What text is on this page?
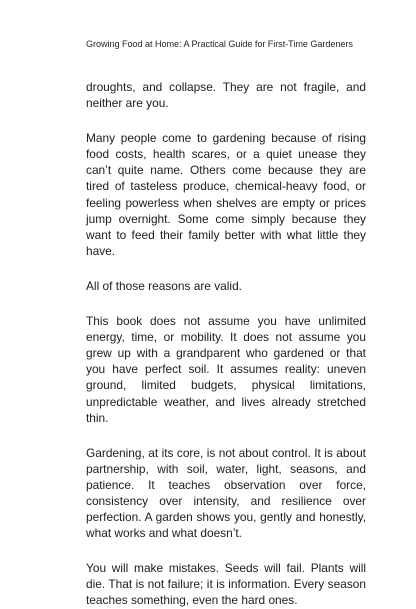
Growing Food at Home: A Practical Guide for First-Time Gardeners

droughts, and collapse. They are not fragile, and neither are you.

Many people come to gardening because of rising food costs, health scares, or a quiet unease they can’t quite name. Others come because they are tired of tasteless produce, chemical-heavy food, or feeling powerless when shelves are empty or prices jump overnight. Some come simply because they want to feed their family better with what little they have.

All of those reasons are valid.

This book does not assume you have unlimited energy, time, or mobility. It does not assume you grew up with a grandparent who gardened or that you have perfect soil. It assumes reality: uneven ground, limited budgets, physical limitations, unpredictable weather, and lives already stretched thin.

Gardening, at its core, is not about control. It is about partnership, with soil, water, light, seasons, and patience. It teaches observation over force, consistency over intensity, and resilience over perfection. A garden shows you, gently and honestly, what works and what doesn’t.

You will make mistakes. Seeds will fail. Plants will die. That is not failure; it is information. Every season teaches something, even the hard ones.
